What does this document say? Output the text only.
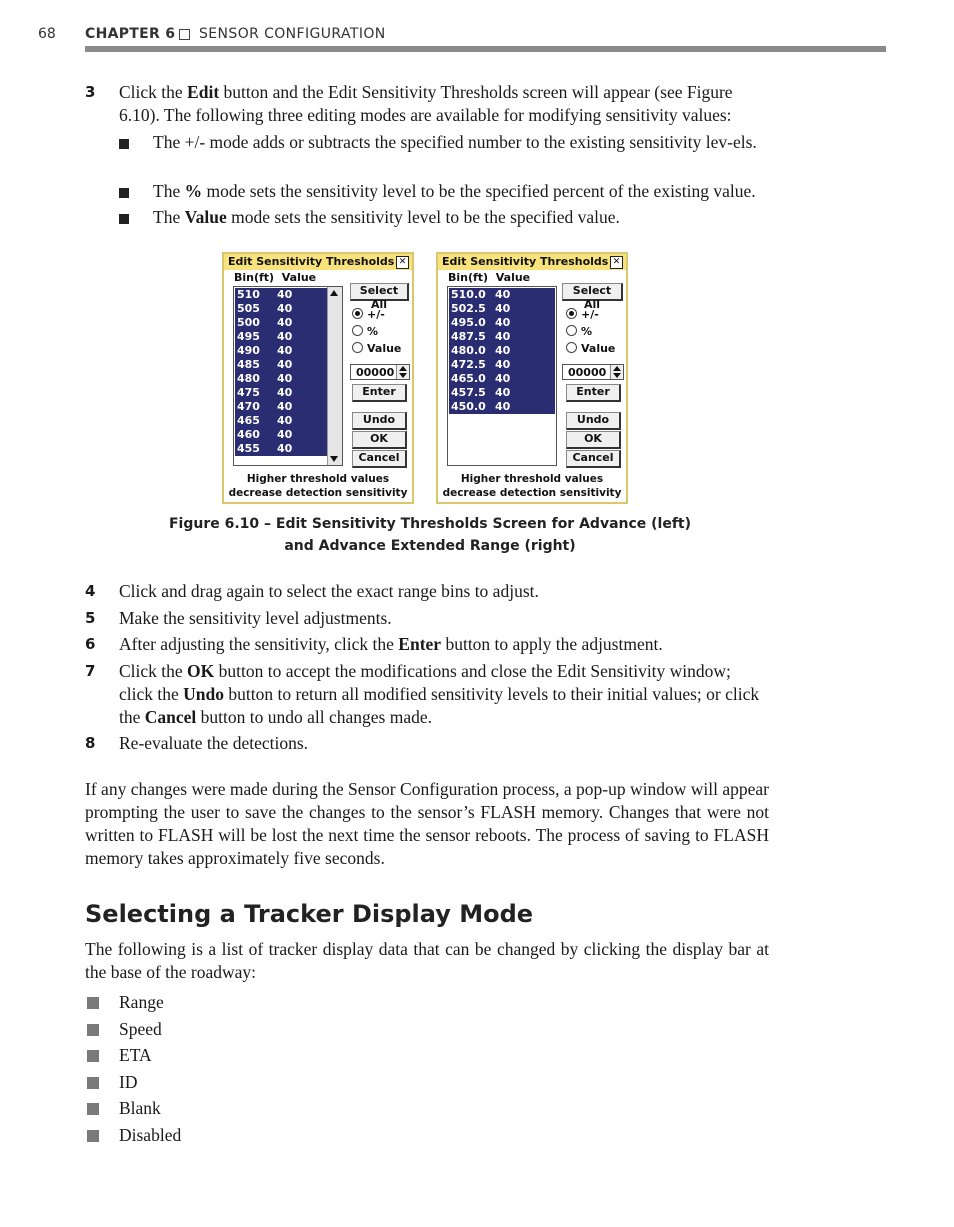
68 CHAPTER 6 SENSOR CONFIGURATION
3 Click the Edit button and the Edit Sensitivity Thresholds screen will appear (see Figure 6.10). The following three editing modes are available for modifying sensitivity values:
The +/- mode adds or subtracts the specified number to the existing sensitivity lev-els.
The % mode sets the sensitivity level to be the specified percent of the existing value.
The Value mode sets the sensitivity level to be the specified value.
Edit Sensitivity Thresholds ✕
Bin(ft)  Value
510 40
505 40
500 40
495 40
490 40
485 40
480 40
475 40
470 40
465 40
460 40
455 40
Select All
+/-
%
Value
00000
Enter
Undo
OK
Cancel
Higher threshold values
decrease detection sensitivity
Edit Sensitivity Thresholds ✕
Bin(ft)  Value
510.0 40
502.5 40
495.0 40
487.5 40
480.0 40
472.5 40
465.0 40
457.5 40
450.0 40
Select All
+/-
%
Value
00000
Enter
Undo
OK
Cancel
Higher threshold values
decrease detection sensitivity
Figure 6.10 – Edit Sensitivity Thresholds Screen for Advance (left)
and Advance Extended Range (right)
4 Click and drag again to select the exact range bins to adjust.
5 Make the sensitivity level adjustments.
6 After adjusting the sensitivity, click the Enter button to apply the adjustment.
7 Click the OK button to accept the modifications and close the Edit Sensitivity window; click the Undo button to return all modified sensitivity levels to their initial values; or click the Cancel button to undo all changes made.
8 Re-evaluate the detections.
If any changes were made during the Sensor Configuration process, a pop-up window will appear prompting the user to save the changes to the sensor’s FLASH memory. Changes that were not written to FLASH will be lost the next time the sensor reboots. The process of saving to FLASH memory takes approximately five seconds.
Selecting a Tracker Display Mode
The following is a list of tracker display data that can be changed by clicking the display bar at the base of the roadway:
Range
Speed
ETA
ID
Blank
Disabled
